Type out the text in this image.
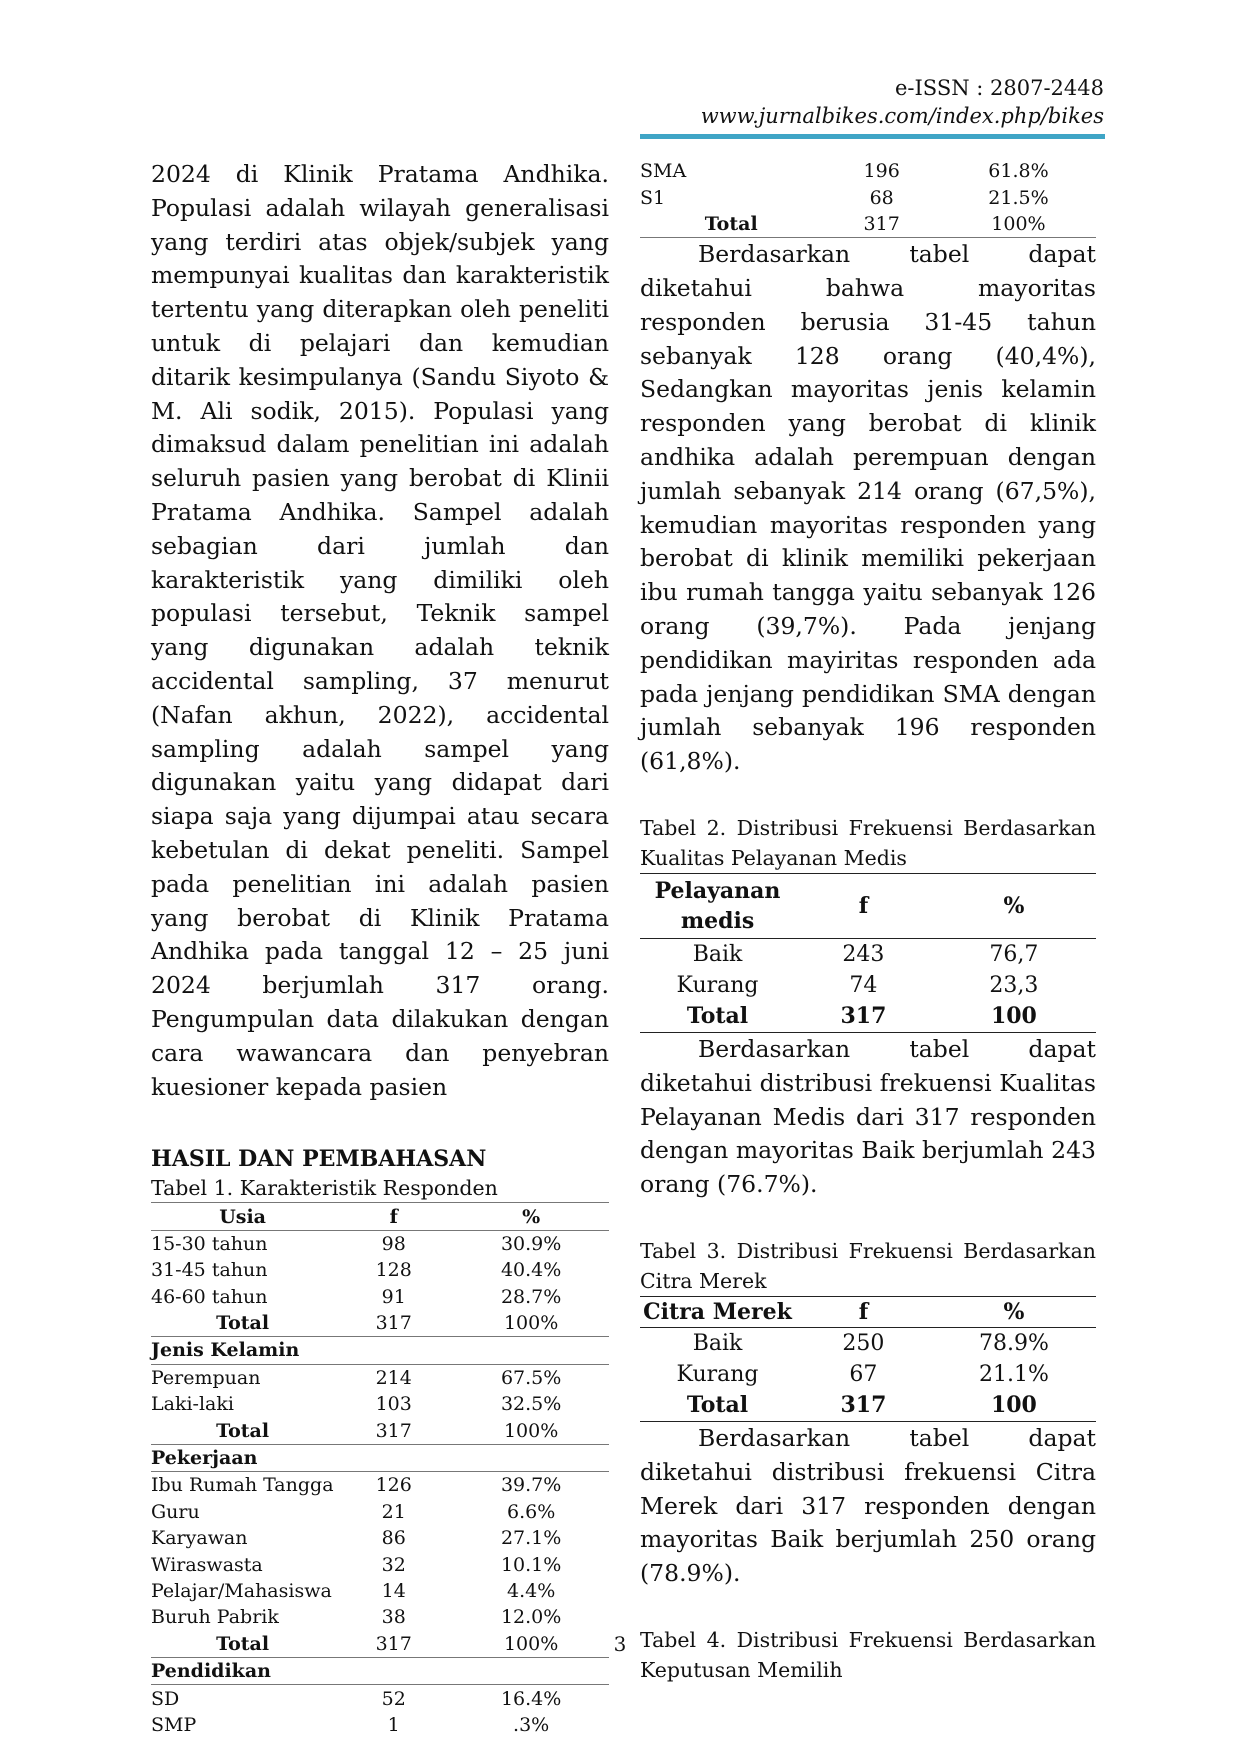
e-ISSN : 2807-2448
www.jurnalbikes.com/index.php/bikes

2024 di Klinik Pratama Andhika. Populasi adalah wilayah generalisasi yang terdiri atas objek/subjek yang mempunyai kualitas dan karakteristik tertentu yang diterapkan oleh peneliti untuk di pelajari dan kemudian ditarik kesimpulanya (Sandu Siyoto & M. Ali sodik, 2015). Populasi yang dimaksud dalam penelitian ini adalah seluruh pasien yang berobat di Klinii Pratama Andhika. Sampel adalah sebagian dari jumlah dan karakteristik yang dimiliki oleh populasi tersebut, Teknik sampel yang digunakan adalah teknik accidental sampling, 37 menurut (Nafan akhun, 2022), accidental sampling adalah sampel yang digunakan yaitu yang didapat dari siapa saja yang dijumpai atau secara kebetulan di dekat peneliti. Sampel pada penelitian ini adalah pasien yang berobat di Klinik Pratama Andhika pada tanggal 12 – 25 juni 2024 berjumlah 317 orang. Pengumpulan data dilakukan dengan cara wawancara dan penyebran kuesioner kepada pasien

HASIL DAN PEMBAHASAN
Tabel 1. Karakteristik Responden
Usia	f	%
15-30 tahun	98	30.9%
31-45 tahun	128	40.4%
46-60 tahun	91	28.7%
Total	317	100%
Jenis Kelamin		
Perempuan	214	67.5%
Laki-laki	103	32.5%
Total	317	100%
Pekerjaan		
Ibu Rumah Tangga	126	39.7%
Guru	21	6.6%
Karyawan	86	27.1%
Wiraswasta	32	10.1%
Pelajar/Mahasiswa	14	4.4%
Buruh Pabrik	38	12.0%
Total	317	100%
Pendidikan		
SD	52	16.4%
SMP	1	.3%
SMA	196	61.8%
S1	68	21.5%
Total	317	100%

Berdasarkan tabel dapat diketahui bahwa mayoritas responden berusia 31-45 tahun sebanyak 128 orang (40,4%), Sedangkan mayoritas jenis kelamin responden yang berobat di klinik andhika adalah perempuan dengan jumlah sebanyak 214 orang (67,5%), kemudian mayoritas responden yang berobat di klinik memiliki pekerjaan ibu rumah tangga yaitu sebanyak 126 orang (39,7%). Pada jenjang pendidikan mayiritas responden ada pada jenjang pendidikan SMA dengan jumlah sebanyak 196 responden (61,8%).

Tabel 2. Distribusi Frekuensi Berdasarkan Kualitas Pelayanan Medis
Pelayanan medis	f	%
Baik	243	76,7
Kurang	74	23,3
Total	317	100

Berdasarkan tabel dapat diketahui distribusi frekuensi Kualitas Pelayanan Medis dari 317 responden dengan mayoritas Baik berjumlah 243 orang (76.7%).

Tabel 3. Distribusi Frekuensi Berdasarkan Citra Merek
Citra Merek	f	%
Baik	250	78.9%
Kurang	67	21.1%
Total	317	100

Berdasarkan tabel dapat diketahui distribusi frekuensi Citra Merek dari 317 responden dengan mayoritas Baik berjumlah 250 orang (78.9%).

Tabel 4. Distribusi Frekuensi Berdasarkan Keputusan Memilih
3
